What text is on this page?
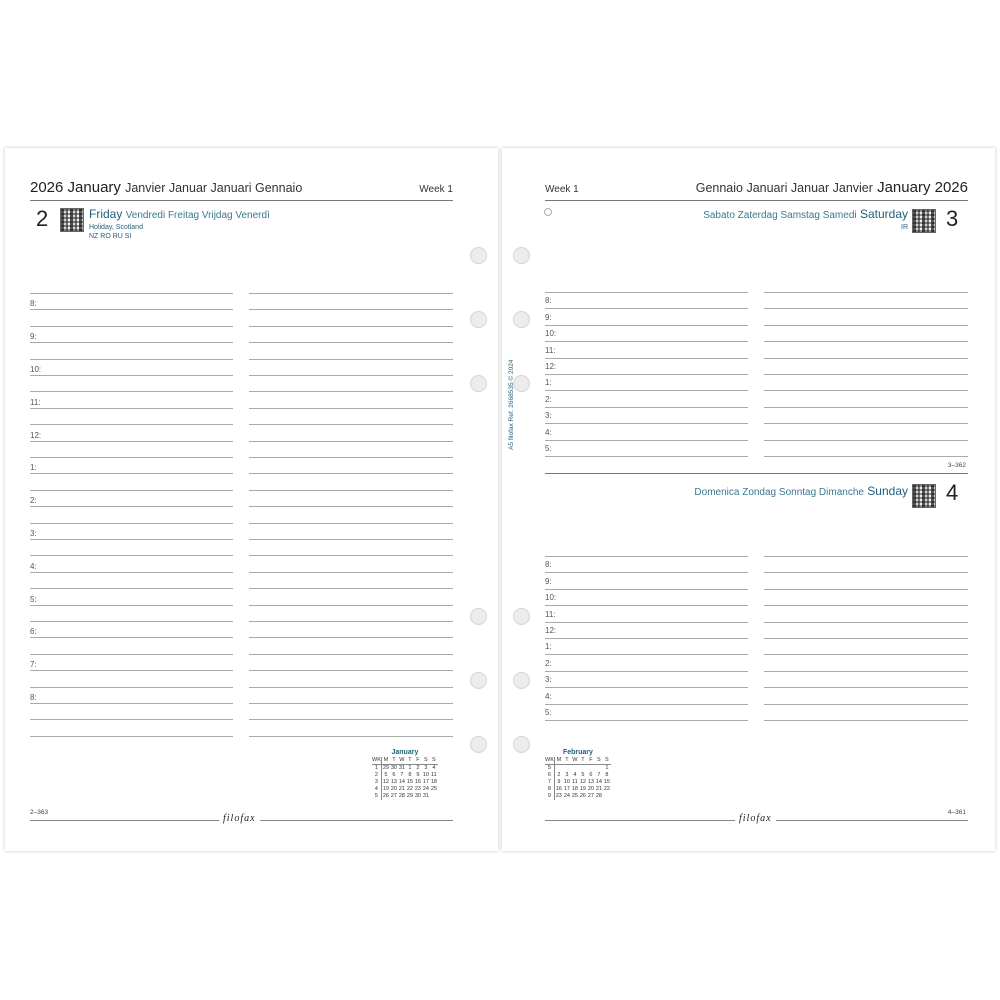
2026 January Janvier Januar Januari Gennaio	Week 1
2	Friday Vendredi Freitag Vrijdag Venerdì
Holiday, Scotland
NZ RO RU SI
January
WK	M	T	W	T	F	S	S
1	29	30	31	1	2	3	4
2	5	6	7	8	9	10	11
3	12	13	14	15	16	17	18
4	19	20	21	22	23	24	25
5	26	27	28	29	30	31	
2–363
filofax
8:
9:
10:
11:
12:
1:
2:
3:
4:
5:
6:
7:
8:
Week 1	Gennaio Januari Januar Janvier January 2026
Sabato Zaterdag Samstag Samedi Saturday
IR 3
3–362
Domenica Zondag Sonntag Dimanche Sunday 4
February
WK	M	T	W	T	F	S	S
5							1
6	2	3	4	5	6	7	8
7	9	10	11	12	13	14	15
8	16	17	18	19	20	21	22
9	23	24	25	26	27	28	
4–361
filofax
8:
9:
10:
11:
12:
1:
2:
3:
4:
5:
8:
9:
10:
11:
12:
1:
2:
3:
4:
5:
A5 filofax Ref. 2668535 © 2024
